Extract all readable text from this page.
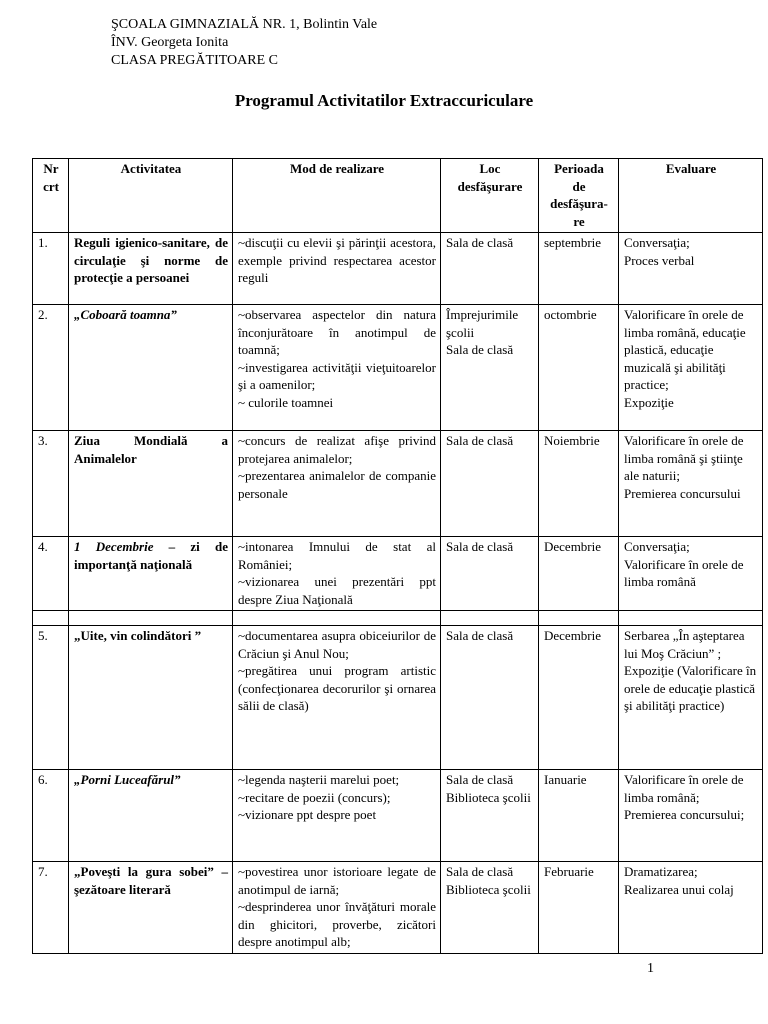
ŞCOALA GIMNAZIALĂ NR. 1, Bolintin Vale
ÎNV. Georgeta Ionita
CLASA PREGĂTITOARE C
Programul Activitatilor Extraccuriculare
Nr
crt	Activitatea	Mod de realizare	Loc
desfăşurare	Perioada
de
desfăşura-
re	Evaluare
1.	Reguli igienico-sanitare, de circulaţie şi norme de protecţie a persoanei	~discuţii cu elevii şi părinţii acestora, exemple privind respectarea acestor reguli	Sala de clasă	septembrie	Conversaţia;
Proces verbal

2.	„Coboară toamna”	~observarea aspectelor din natura înconjurătoare în anotimpul de toamnă;
~investigarea activităţii vieţuitoarelor şi a oamenilor;
~ culorile toamnei	Împrejurimile şcolii
Sala de clasă	octombrie	Valorificare în orele de limba română, educaţie plastică, educaţie muzicală şi abilităţi practice;
Expoziţie

3.	Ziua Mondială a Animalelor	~concurs de realizat afişe privind protejarea animalelor;
~prezentarea animalelor de companie personale	Sala de clasă	Noiembrie	Valorificare în orele de limba română şi ştiinţe ale naturii;
Premierea concursului

4.	1 Decembrie – zi de importanţă naţională	~intonarea Imnului de stat al României;
~vizionarea unei prezentări ppt despre Ziua Naţională	Sala de clasă	Decembrie	Conversaţia;
Valorificare în orele de limba română

5.	„Uite, vin colindători ”	~documentarea asupra obiceiurilor de Crăciun şi Anul Nou;
~pregătirea unui program artistic (confecţionarea decorurilor şi ornarea sălii de clasă)	Sala de clasă	Decembrie	Serbarea „În aşteptarea lui Moş Crăciun” ;
Expoziţie (Valorificare în orele de educaţie plastică şi abilităţi practice)

6.	„Porni Luceafărul”	~legenda naşterii marelui poet;
~recitare de poezii (concurs);
~vizionare ppt despre poet	Sala de clasă
Biblioteca şcolii	Ianuarie	Valorificare în orele de limba română;
Premierea concursului;

7.	„Poveşti la gura sobei” – şezătoare literară	~povestirea unor istorioare legate de anotimpul de iarnă;
~desprinderea unor învăţături morale din ghicitori, proverbe, zicători despre anotimpul alb;	Sala de clasă
Biblioteca şcolii	Februarie	Dramatizarea;
Realizarea unui colaj
1
